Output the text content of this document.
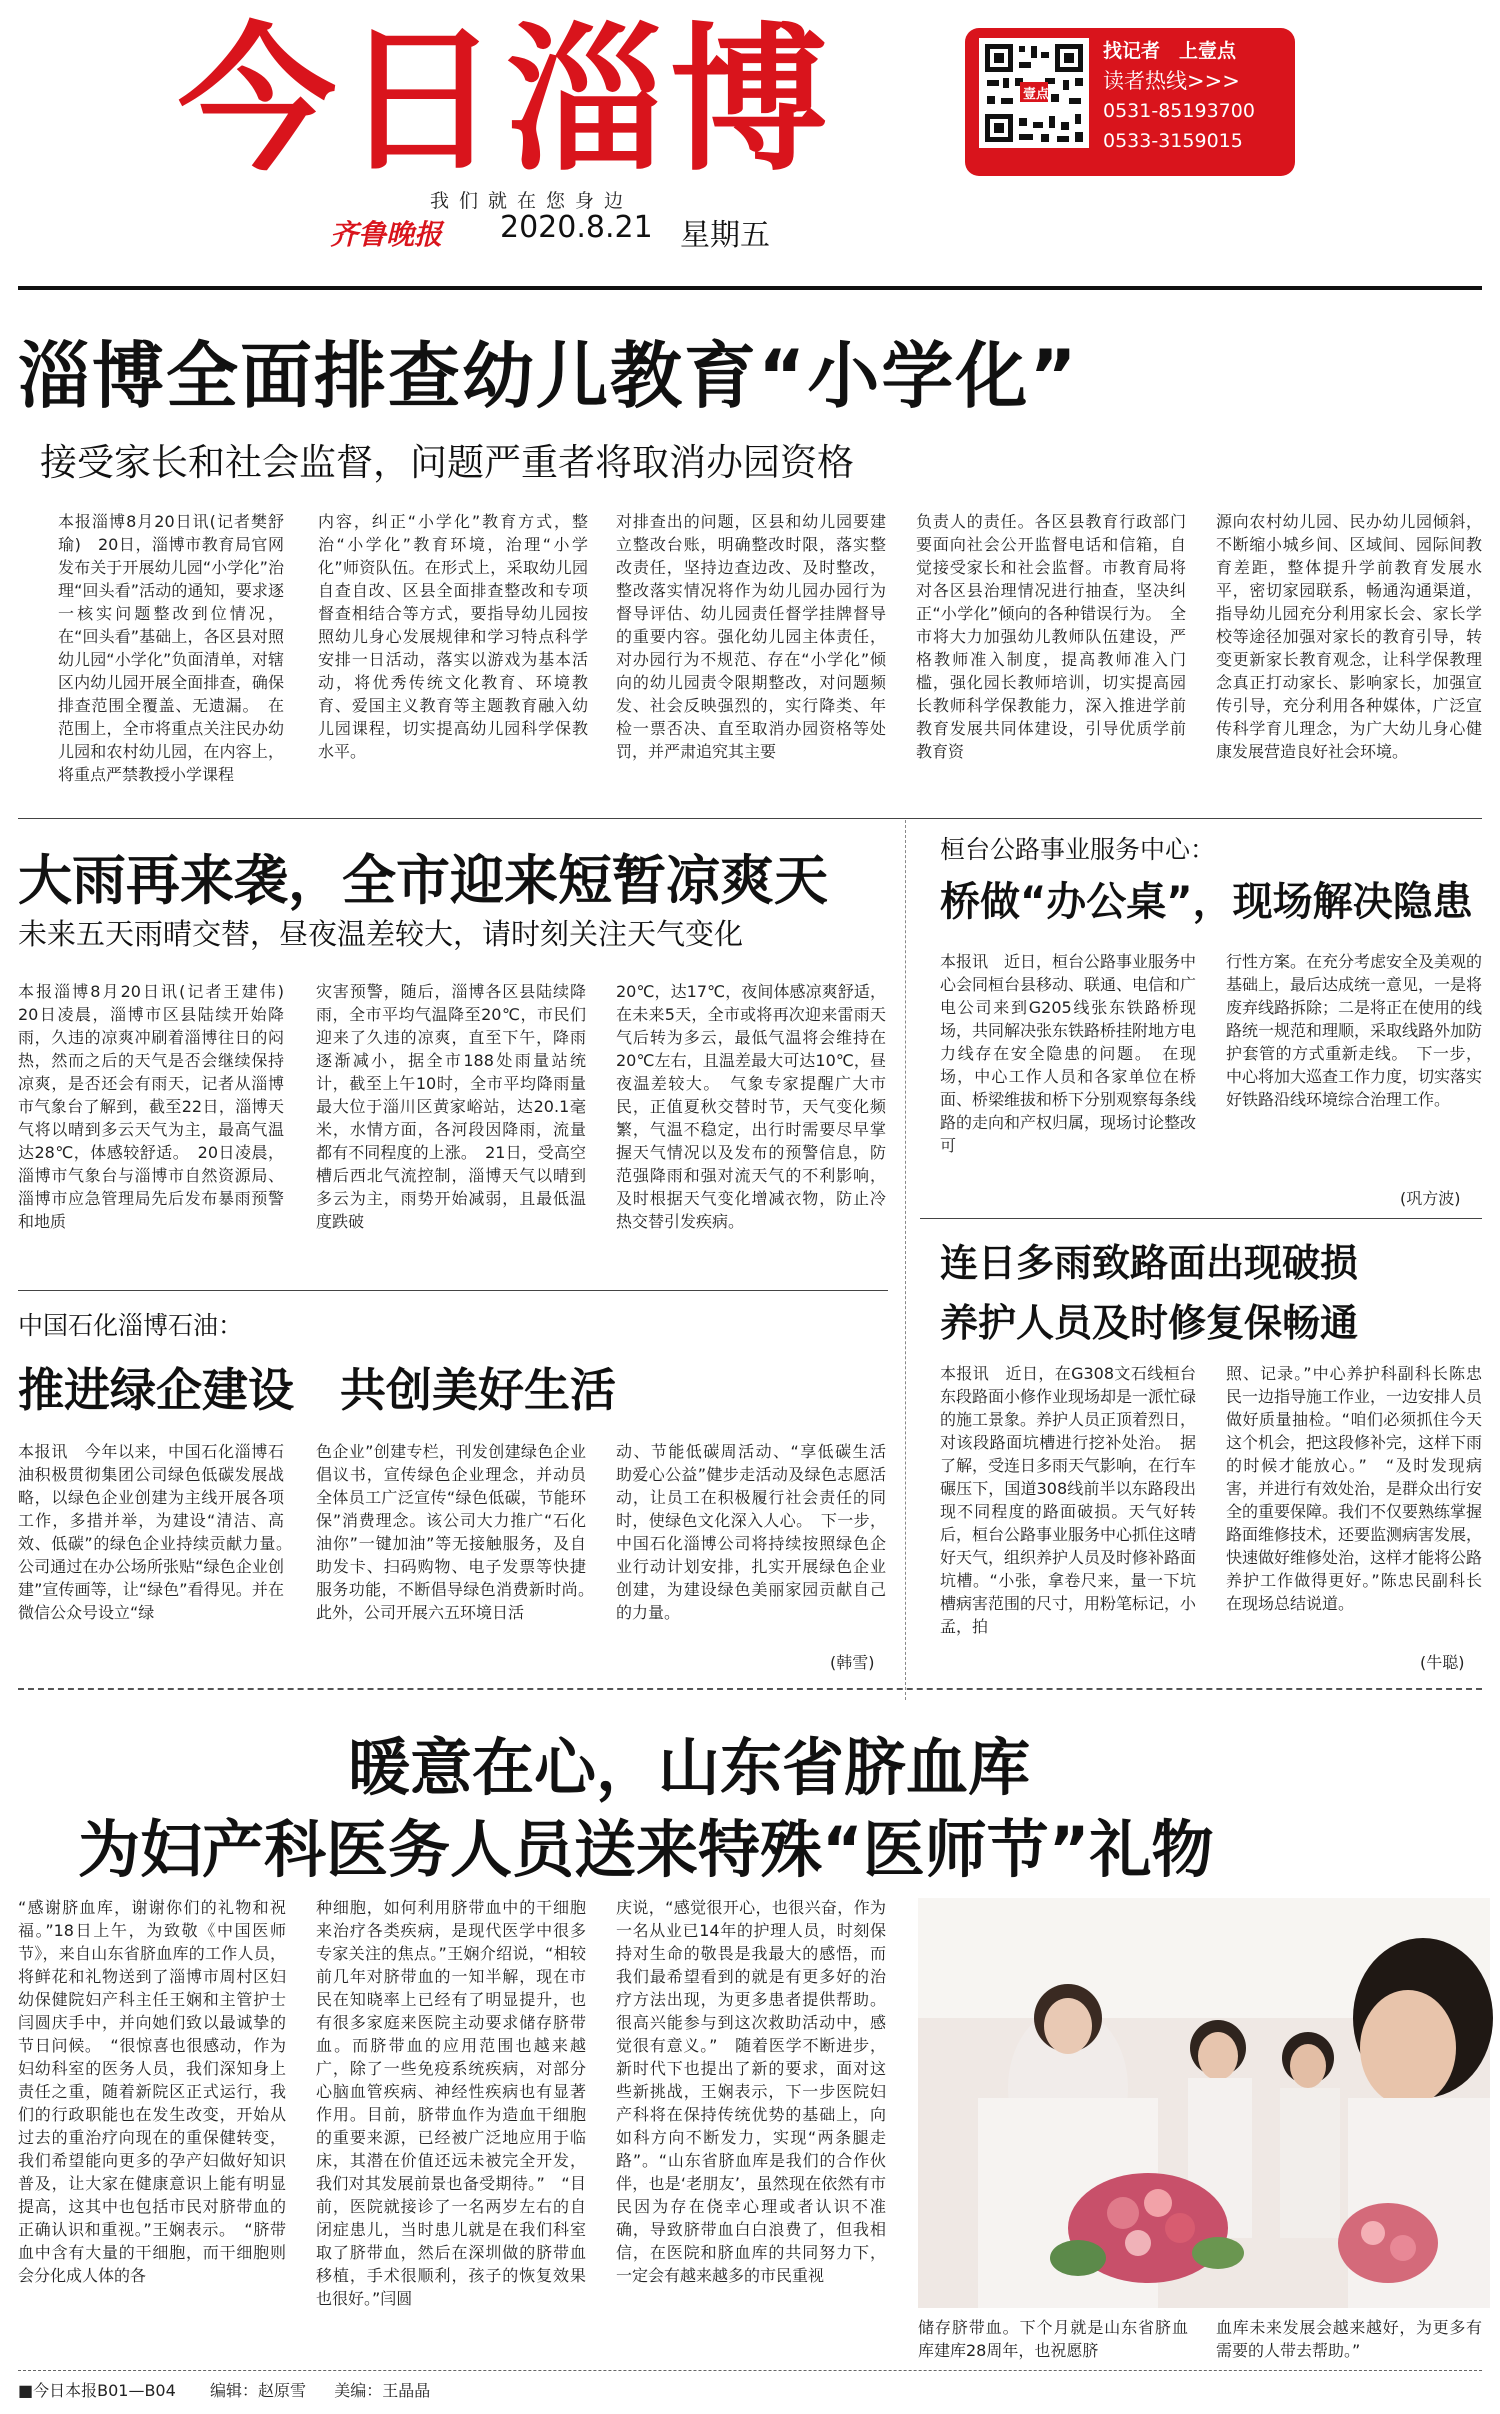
今日淄博	壹点
找记者　上壹点
读者热线>>>
0531-85193700
0533-3159015
我们就在您身边
齐鲁晚报 2020.8.21 星期五
淄博全面排查幼儿教育“小学化”
接受家长和社会监督，问题严重者将取消办园资格
本报淄博8月20日讯(记者樊舒瑜)　20日，淄博市教育局官网发布关于开展幼儿园“小学化”治理“回头看”活动的通知，要求逐一核实问题整改到位情况，在“回头看”基础上，各区县对照幼儿园“小学化”负面清单，对辖区内幼儿园开展全面排查，确保排查范围全覆盖、无遗漏。　在范围上，全市将重点关注民办幼儿园和农村幼儿园，在内容上，将重点严禁教授小学课程
内容，纠正“小学化”教育方式，整治“小学化”教育环境，治理“小学化”师资队伍。在形式上，采取幼儿园自查自改、区县全面排查整改和专项督查相结合等方式，要指导幼儿园按照幼儿身心发展规律和学习特点科学安排一日活动，落实以游戏为基本活动，将优秀传统文化教育、环境教育、爱国主义教育等主题教育融入幼儿园课程，切实提高幼儿园科学保教水平。
对排查出的问题，区县和幼儿园要建立整改台账，明确整改时限，落实整改责任，坚持边查边改、及时整改，整改落实情况将作为幼儿园办园行为督导评估、幼儿园责任督学挂牌督导的重要内容。强化幼儿园主体责任，对办园行为不规范、存在“小学化”倾向的幼儿园责令限期整改，对问题频发、社会反映强烈的，实行降类、年检一票否决、直至取消办园资格等处罚，并严肃追究其主要
负责人的责任。各区县教育行政部门要面向社会公开监督电话和信箱，自觉接受家长和社会监督。市教育局将对各区县治理情况进行抽查，坚决纠正“小学化”倾向的各种错误行为。　全市将大力加强幼儿教师队伍建设，严格教师准入制度，提高教师准入门槛，强化园长教师培训，切实提高园长教师科学保教能力，深入推进学前教育发展共同体建设，引导优质学前教育资
源向农村幼儿园、民办幼儿园倾斜，不断缩小城乡间、区域间、园际间教育差距，整体提升学前教育发展水平，密切家园联系，畅通沟通渠道，指导幼儿园充分利用家长会、家长学校等途径加强对家长的教育引导，转变更新家长教育观念，让科学保教理念真正打动家长、影响家长，加强宣传引导，充分利用各种媒体，广泛宣传科学育儿理念，为广大幼儿身心健康发展营造良好社会环境。
大雨再来袭，全市迎来短暂凉爽天
未来五天雨晴交替，昼夜温差较大，请时刻关注天气变化
本报淄博8月20日讯(记者王建伟)　20日凌晨，淄博市区县陆续开始降雨，久违的凉爽冲刷着淄博往日的闷热，然而之后的天气是否会继续保持凉爽，是否还会有雨天，记者从淄博市气象台了解到，截至22日，淄博天气将以晴到多云天气为主，最高气温达28℃，体感较舒适。　20日凌晨，淄博市气象台与淄博市自然资源局、淄博市应急管理局先后发布暴雨预警和地质
灾害预警，随后，淄博各区县陆续降雨，全市平均气温降至20℃，市民们迎来了久违的凉爽，直至下午，降雨逐渐减小，据全市188处雨量站统计，截至上午10时，全市平均降雨量最大位于淄川区黄家峪站，达20.1毫米，水情方面，各河段因降雨，流量都有不同程度的上涨。　21日，受高空槽后西北气流控制，淄博天气以晴到多云为主，雨势开始减弱，且最低温度跌破
20℃，达17℃，夜间体感凉爽舒适，在未来5天，全市或将再次迎来雷雨天气后转为多云，最低气温将会维持在20℃左右，且温差最大可达10℃，昼夜温差较大。　气象专家提醒广大市民，正值夏秋交替时节，天气变化频繁，气温不稳定，出行时需要尽早掌握天气情况以及发布的预警信息，防范强降雨和强对流天气的不利影响，及时根据天气变化增减衣物，防止冷热交替引发疾病。
桓台公路事业服务中心：
桥做“办公桌”，现场解决隐患
本报讯　近日，桓台公路事业服务中心会同桓台县移动、联通、电信和广电公司来到G205线张东铁路桥现场，共同解决张东铁路桥挂附地方电力线存在安全隐患的问题。　在现场，中心工作人员和各家单位在桥面、桥梁维拔和桥下分别观察每条线路的走向和产权归属，现场讨论整改可
行性方案。在充分考虑安全及美观的基础上，最后达成统一意见，一是将废弃线路拆除；二是将正在使用的线路统一规范和理顺，采取线路外加防护套管的方式重新走线。　下一步，中心将加大巡查工作力度，切实落实好铁路沿线环境综合治理工作。
(巩方波)
连日多雨致路面出现破损
养护人员及时修复保畅通
本报讯　近日，在G308文石线桓台东段路面小修作业现场却是一派忙碌的施工景象。养护人员正顶着烈日，对该段路面坑槽进行挖补处治。　据了解，受连日多雨天气影响，在行车碾压下，国道308线前半以东路段出现不同程度的路面破损。天气好转后，桓台公路事业服务中心抓住这晴好天气，组织养护人员及时修补路面坑槽。“小张，拿卷尺来，量一下坑槽病害范围的尺寸，用粉笔标记，小孟，拍
照、记录。”中心养护科副科长陈忠民一边指导施工作业，一边安排人员做好质量抽检。“咱们必须抓住今天这个机会，把这段修补完，这样下雨的时候才能放心。”　“及时发现病害，并进行有效处治，是群众出行安全的重要保障。我们不仅要熟练掌握路面维修技术，还要监测病害发展，快速做好维修处治，这样才能将公路养护工作做得更好。”陈忠民副科长在现场总结说道。
(牛聪)
中国石化淄博石油：
推进绿企建设　共创美好生活
本报讯　今年以来，中国石化淄博石油积极贯彻集团公司绿色低碳发展战略，以绿色企业创建为主线开展各项工作，多措并举，为建设“清洁、高效、低碳”的绿色企业持续贡献力量。　公司通过在办公场所张贴“绿色企业创建”宣传画等，让“绿色”看得见。并在微信公众号设立“绿
色企业”创建专栏，刊发创建绿色企业倡议书，宣传绿色企业理念，并动员全体员工广泛宣传“绿色低碳，节能环保”消费理念。该公司大力推广“石化油你”一键加油”等无接触服务，及自助发卡、扫码购物、电子发票等快捷服务功能，不断倡导绿色消费新时尚。　此外，公司开展六五环境日活
动、节能低碳周活动、“享低碳生活　助爱心公益”健步走活动及绿色志愿活动，让员工在积极履行社会责任的同时，使绿色文化深入人心。　下一步，中国石化淄博公司将持续按照绿色企业行动计划安排，扎实开展绿色企业创建，为建设绿色美丽家园贡献自己的力量。
(韩雪)
暖意在心，山东省脐血库
为妇产科医务人员送来特殊“医师节”礼物
“感谢脐血库，谢谢你们的礼物和祝福。”18日上午，为致敬《中国医师节》，来自山东省脐血库的工作人员，将鲜花和礼物送到了淄博市周村区妇幼保健院妇产科主任王娴和主管护士闫圆庆手中，并向她们致以最诚挚的节日问候。　“很惊喜也很感动，作为妇幼科室的医务人员，我们深知身上责任之重，随着新院区正式运行，我们的行政职能也在发生改变，开始从过去的重治疗向现在的重保健转变，我们希望能向更多的孕产妇做好知识普及，让大家在健康意识上能有明显提高，这其中也包括市民对脐带血的正确认识和重视。”王娴表示。　“脐带血中含有大量的干细胞，而干细胞则会分化成人体的各
种细胞，如何利用脐带血中的干细胞来治疗各类疾病，是现代医学中很多专家关注的焦点。”王娴介绍说，“相较前几年对脐带血的一知半解，现在市民在知晓率上已经有了明显提升，也有很多家庭来医院主动要求储存脐带血。而脐带血的应用范围也越来越广，除了一些免疫系统疾病，对部分心脑血管疾病、神经性疾病也有显著作用。目前，脐带血作为造血干细胞的重要来源，已经被广泛地应用于临床，其潜在价值还远未被完全开发，我们对其发展前景也备受期待。”　“目前，医院就接诊了一名两岁左右的自闭症患儿，当时患儿就是在我们科室取了脐带血，然后在深圳做的脐带血移植，手术很顺利，孩子的恢复效果也很好。”闫圆
庆说，“感觉很开心，也很兴奋，作为一名从业已14年的护理人员，时刻保持对生命的敬畏是我最大的感悟，而我们最希望看到的就是有更多好的治疗方法出现，为更多患者提供帮助。很高兴能参与到这次救助活动中，感觉很有意义。”　随着医学不断进步，新时代下也提出了新的要求，面对这些新挑战，王娴表示，下一步医院妇产科将在保持传统优势的基础上，向如科方向不断发力，实现“两条腿走路”。“山东省脐血库是我们的合作伙伴，也是‘老朋友’，虽然现在依然有市民因为存在侥幸心理或者认识不准确，导致脐带血白白浪费了，但我相信，在医院和脐血库的共同努力下，一定会有越来越多的市民重视
储存脐带血。下个月就是山东省脐血库建库28周年，也祝愿脐
血库未来发展会越来越好，为更多有需要的人带去帮助。”
■今日本报B01—B04 编辑：赵原雪 美编：王晶晶
